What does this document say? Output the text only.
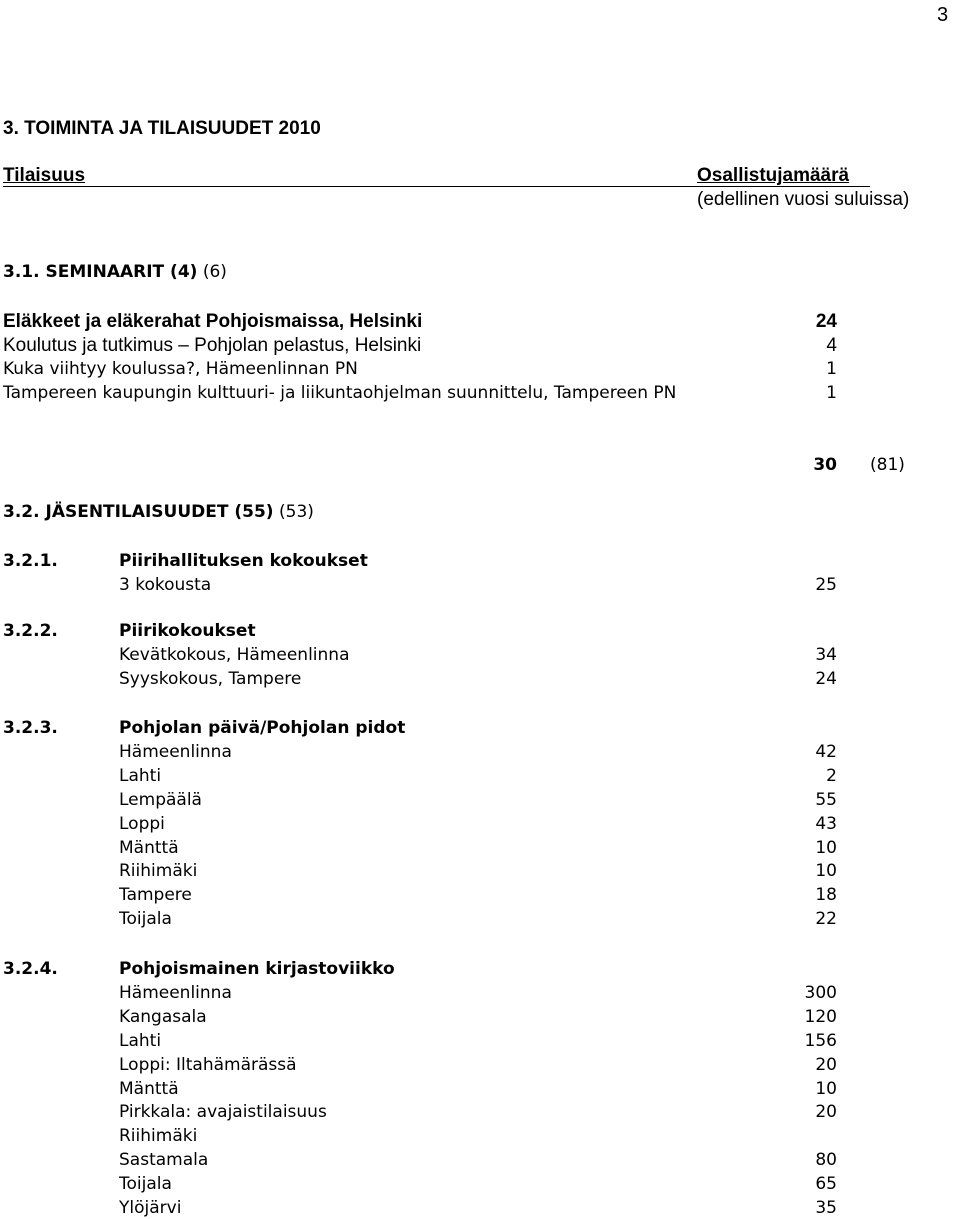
3
3. TOIMINTA JA TILAISUUDET 2010
Tilaisuus	Osallistujamäärä
(edellinen vuosi suluissa)
3.1. SEMINAARIT (4) (6)
Eläkkeet ja eläkerahat Pohjoismaissa, Helsinki	24
Koulutus ja tutkimus – Pohjolan pelastus, Helsinki	4
Kuka viihtyy koulussa?, Hämeenlinnan PN	1
Tampereen kaupungin kulttuuri- ja liikuntaohjelman suunnittelu, Tampereen PN	1
30 (81)
3.2. JÄSENTILAISUUDET (55) (53)
3.2.1.	Piirihallituksen kokoukset
3 kokousta	25
3.2.2.	Piirikokoukset
Kevätkokous, Hämeenlinna	34
Syyskokous, Tampere	24
3.2.3.	Pohjolan päivä/Pohjolan pidot
Hämeenlinna	42
Lahti	2
Lempäälä	55
Loppi	43
Mänttä	10
Riihimäki	10
Tampere	18
Toijala	22
3.2.4.	Pohjoismainen kirjastoviikko
Hämeenlinna	300
Kangasala	120
Lahti	156
Loppi: Iltahämärässä	20
Mänttä	10
Pirkkala: avajaistilaisuus	20
Riihimäki
Sastamala	80
Toijala	65
Ylöjärvi	35
